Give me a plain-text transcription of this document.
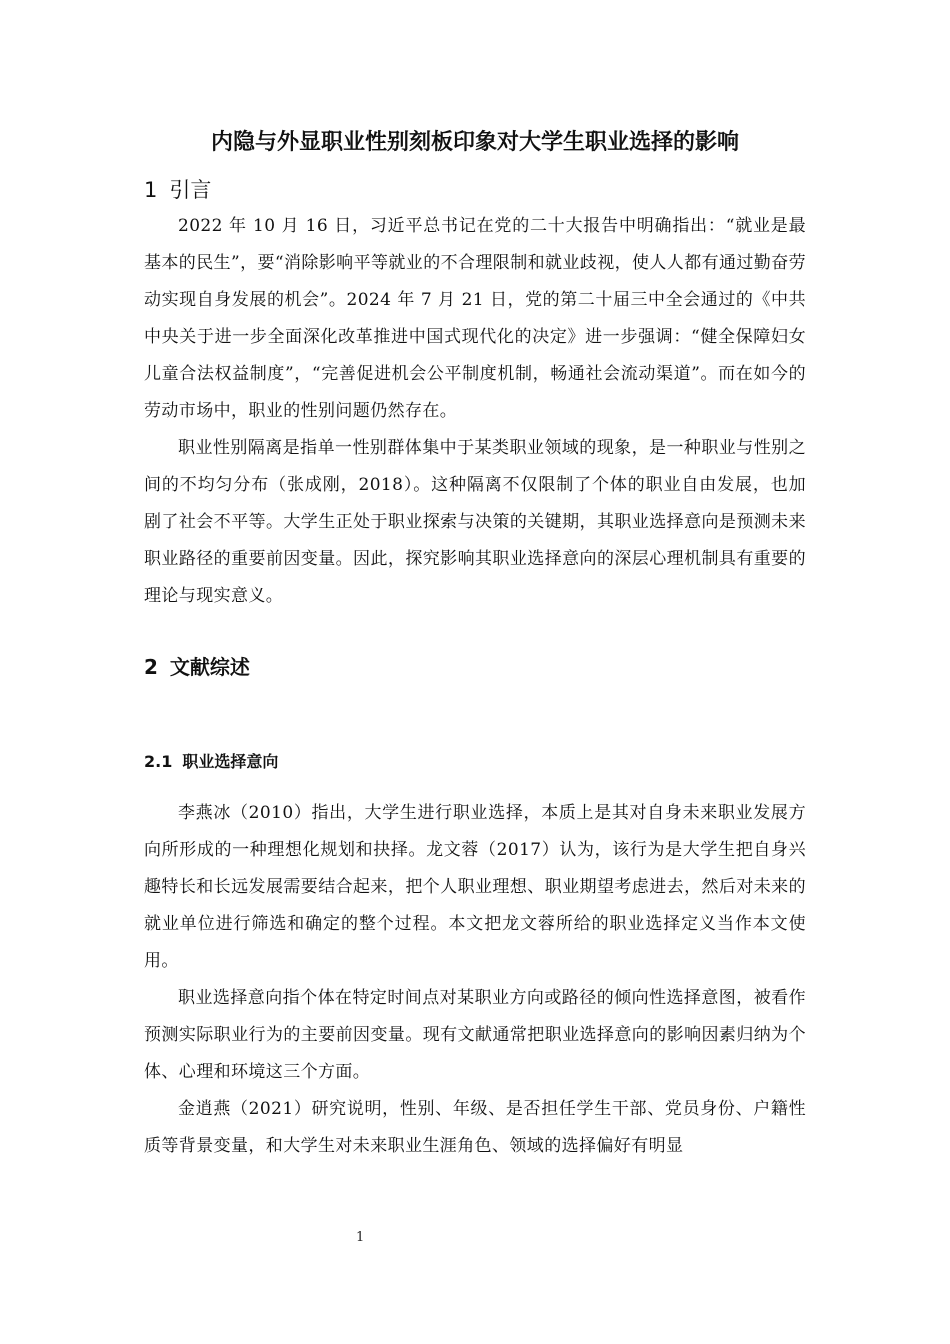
内隐与外显职业性别刻板印象对大学生职业选择的影响
1 引言

2022 年 10 月 16 日，习近平总书记在党的二十大报告中明确指出：“就业是最基本的民生”，要“消除影响平等就业的不合理限制和就业歧视，使人人都有通过勤奋劳动实现自身发展的机会”。2024 年 7 月 21 日，党的第二十届三中全会通过的《中共中央关于进一步全面深化改革推进中国式现代化的决定》进一步强调：“健全保障妇女儿童合法权益制度”，“完善促进机会公平制度机制，畅通社会流动渠道”。而在如今的劳动市场中，职业的性别问题仍然存在。

职业性别隔离是指单一性别群体集中于某类职业领域的现象，是一种职业与性别之间的不均匀分布（张成刚，2018）。这种隔离不仅限制了个体的职业自由发展，也加剧了社会不平等。大学生正处于职业探索与决策的关键期，其职业选择意向是预测未来职业路径的重要前因变量。因此，探究影响其职业选择意向的深层心理机制具有重要的理论与现实意义。

2 文献综述
2.1 职业选择意向

李燕冰（2010）指出，大学生进行职业选择，本质上是其对自身未来职业发展方向所形成的一种理想化规划和抉择。龙文蓉（2017）认为，该行为是大学生把自身兴趣特长和长远发展需要结合起来，把个人职业理想、职业期望考虑进去，然后对未来的就业单位进行筛选和确定的整个过程。本文把龙文蓉所给的职业选择定义当作本文使用。

职业选择意向指个体在特定时间点对某职业方向或路径的倾向性选择意图，被看作预测实际职业行为的主要前因变量。现有文献通常把职业选择意向的影响因素归纳为个体、心理和环境这三个方面。

金逍燕（2021）研究说明，性别、年级、是否担任学生干部、党员身份、户籍性质等背景变量，和大学生对未来职业生涯角色、领域的选择偏好有明显

1
